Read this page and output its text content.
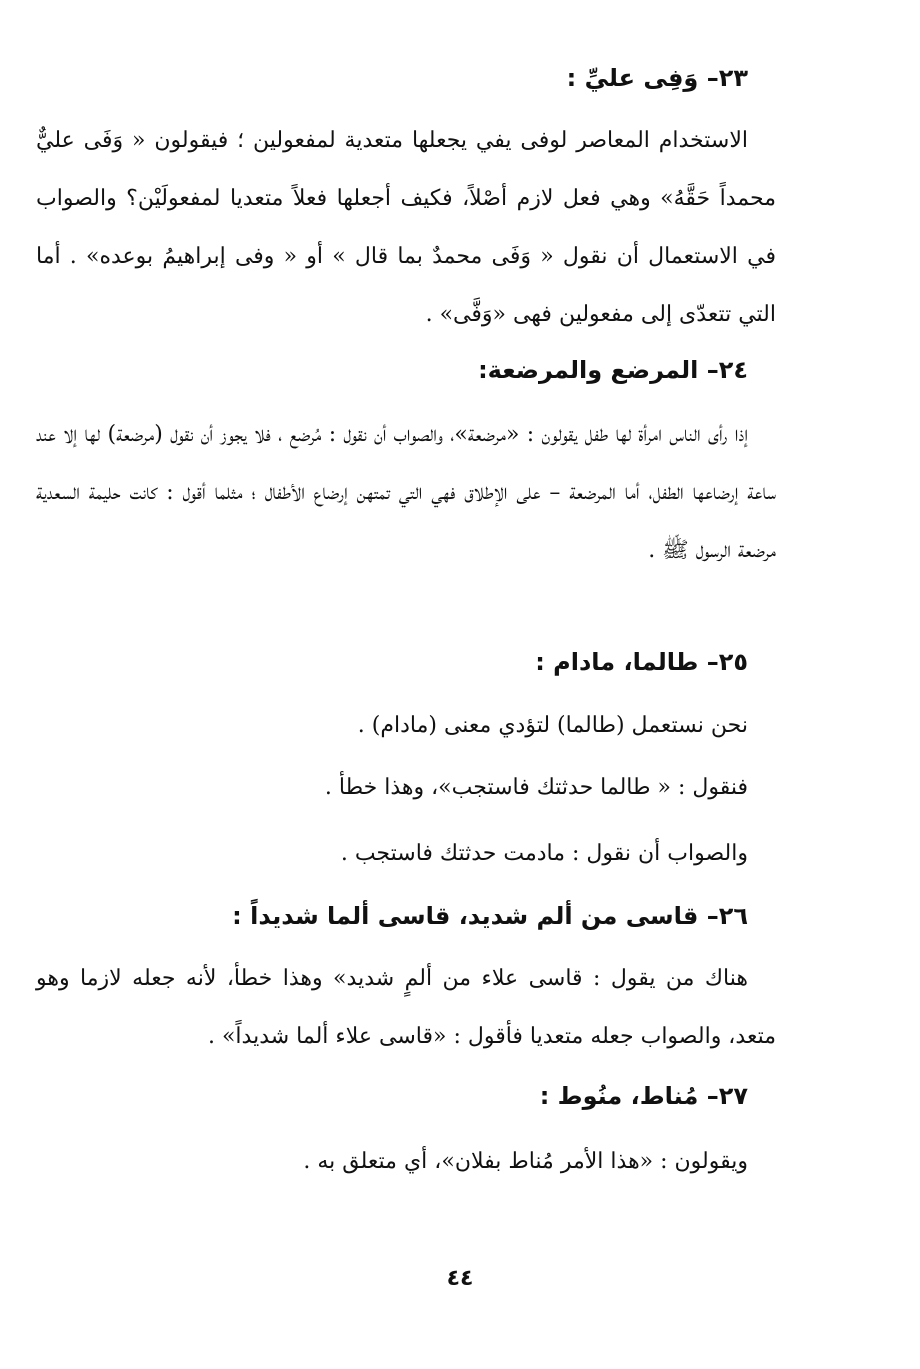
٢٣– وَفِى عليِّ :
الاستخدام المعاصر لوفى يفي يجعلها متعدية لمفعولين ؛ فيقولون « وَفَى عليٌّ محمداً حَقَّهُ» وهي فعل لازم أصْلاً، فكيف أجعلها فعلاً متعديا لمفعولَيْن؟ والصواب في الاستعمال أن نقول « وَفَى محمدٌ بما قال » أو « وفى إبراهيمُ بوعده» . أما التي تتعدّى إلى مفعولين فهى «وَفَّى» .
٢٤– المرضع والمرضعة:
إذا رأى الناس امرأة لها طفل يقولون : «مرضعة»، والصواب أن نقول : مُرضع ، فلا يجوز أن نقول (مرضعة) لها إلا عند ساعة إرضاعها الطفل، أما المرضعة – على الإطلاق فهي التي تمتهن إرضاع الأطفال ؛ مثلما أقول : كانت حليمة السعدية مرضعة الرسول ﷺ .
٢٥– طالما، مادام :
نحن نستعمل (طالما) لتؤدي معنى (مادام) .
فنقول : « طالما حدثتك فاستجب»، وهذا خطأ .
والصواب أن نقول : مادمت حدثتك فاستجب .
٢٦– قاسى من ألم شديد، قاسى ألما شديداً :
هناك من يقول : قاسى علاء من ألمٍ شديد» وهذا خطأ، لأنه جعله لازما وهو متعد، والصواب جعله متعديا فأقول : «قاسى علاء ألما شديداً» .
٢٧– مُناط، منُوط :
ويقولون : «هذا الأمر مُناط بفلان»، أي متعلق به .
٤٤
